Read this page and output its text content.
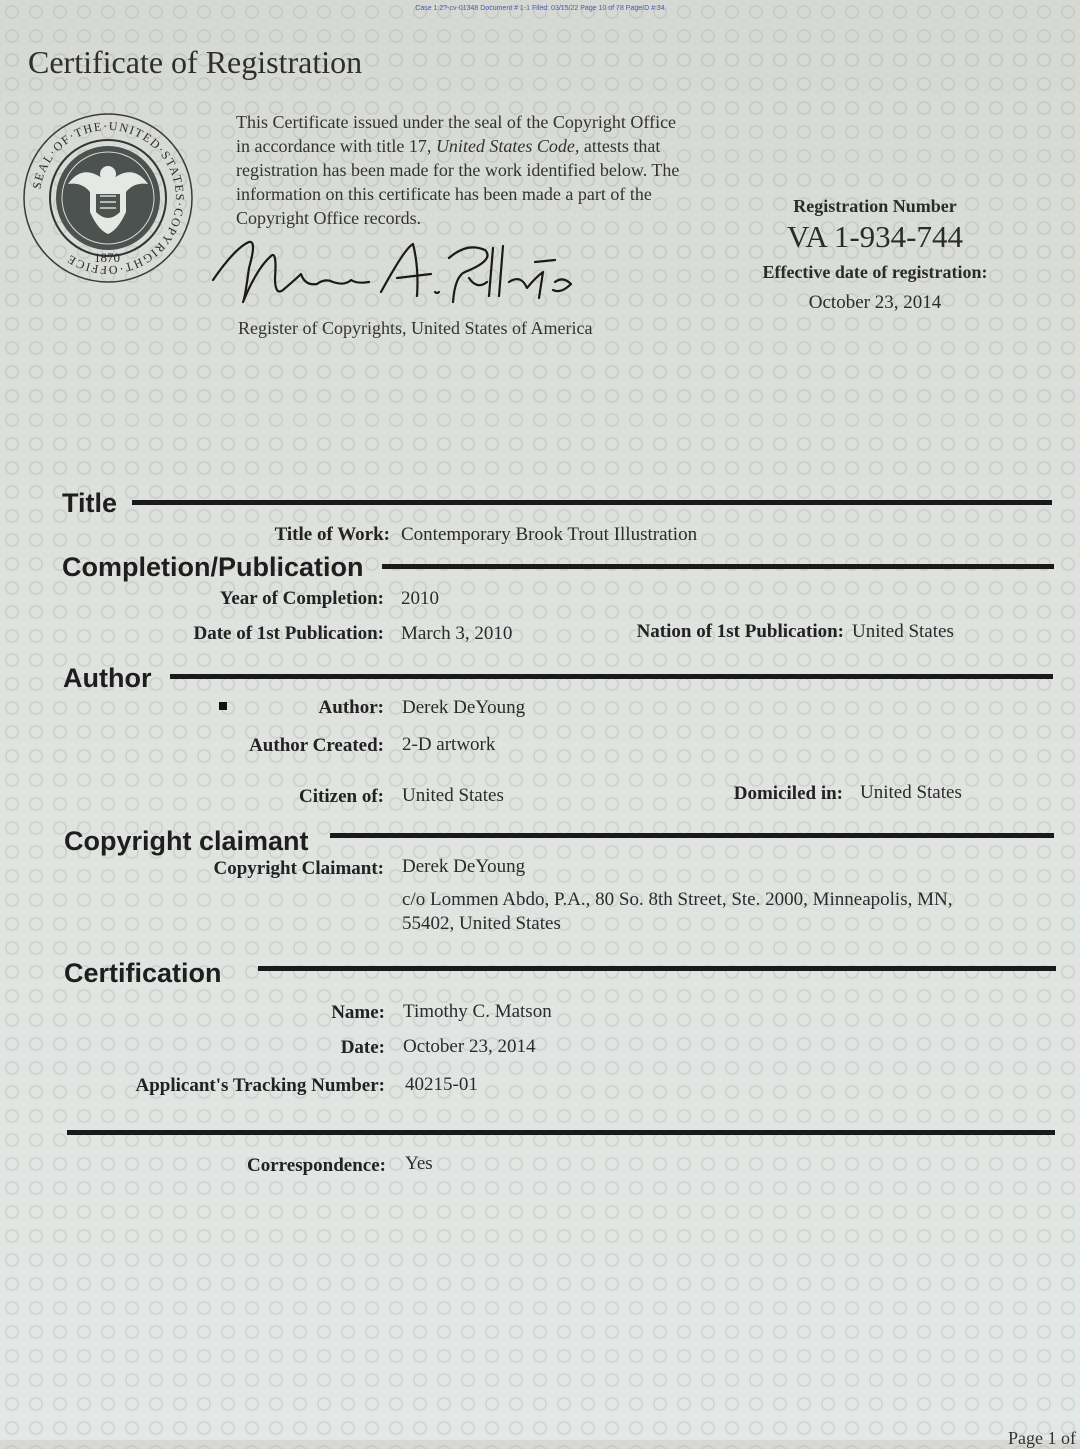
Case 1:2?-cv-01348 Document # 1-1 Filed: 03/15/22 Page 10 of 78 PageID #:34
Certificate of Registration
SEAL·OF·THE·UNITED·STATES·COPYRIGHT·OFFICE	1870
This Certificate issued under the seal of the Copyright Office in accordance with title 17, United States Code, attests that registration has been made for the work identified below. The information on this certificate has been made a part of the Copyright Office records.
Register of Copyrights, United States of America
Registration Number
VA 1-934-744
Effective date of registration:
October 23, 2014
Title
Title of Work: Contemporary Brook Trout Illustration
Completion/Publication
Year of Completion: 2010
Date of 1st Publication: March 3, 2010	Nation of 1st Publication: United States
Author
Author: Derek DeYoung
Author Created: 2-D artwork
Citizen of: United States	Domiciled in: United States
Copyright claimant
Copyright Claimant: Derek DeYoung
c/o Lommen Abdo, P.A., 80 So. 8th Street, Ste. 2000, Minneapolis, MN,
55402, United States
Certification
Name: Timothy C. Matson
Date: October 23, 2014
Applicant's Tracking Number: 40215-01
Correspondence: Yes
Page 1 of
